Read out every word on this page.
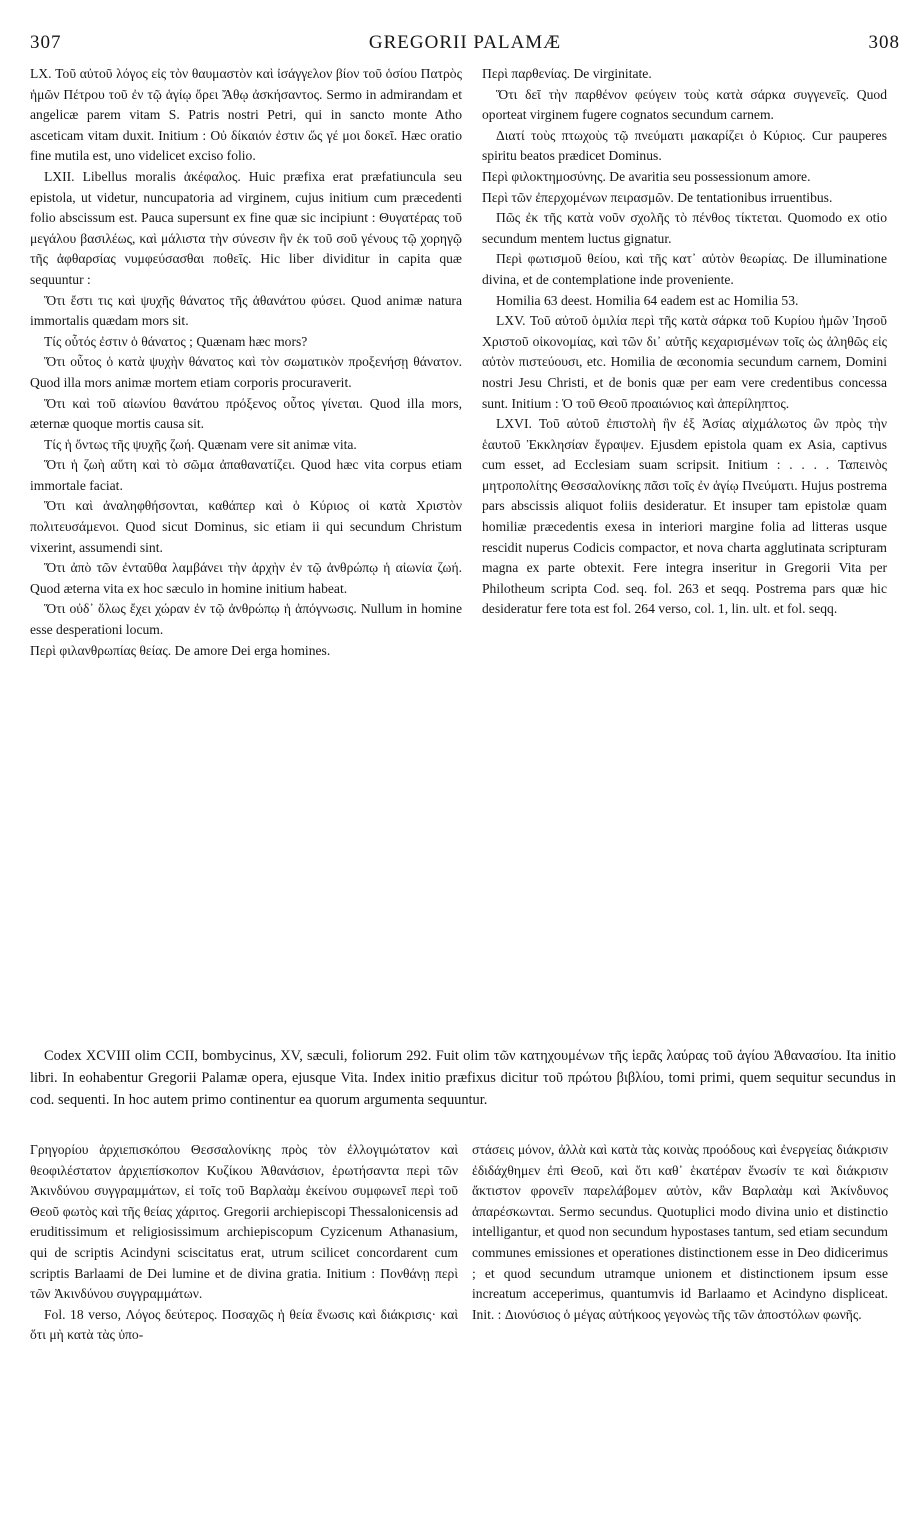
307	GREGORII PALAMÆ	308

LX. Τοῦ αὐτοῦ λόγος εἰς τὸν θαυμαστὸν καὶ ἰσάγγελον βίον τοῦ ὁσίου Πατρὸς ἡμῶν Πέτρου τοῦ ἐν τῷ ἁγίῳ ὄρει Ἄθῳ ἀσκήσαντος. Sermo in admirandam et angelicæ parem vitam S. Patris nostri Petri, qui in sancto monte Atho asceticam vitam duxit. Initium : Οὐ δίκαιόν ἐστιν ὥς γέ μοι δοκεῖ. Hæc oratio fine mutila est, uno videlicet exciso folio.

LXII. Libellus moralis ἀκέφαλος. Huic præfixa erat præfatiuncula seu epistola, ut videtur, nuncupatoria ad virginem, cujus initium cum præcedenti folio abscissum est. Pauca supersunt ex fine quæ sic incipiunt : Θυγατέρας τοῦ μεγάλου βασιλέως, καὶ μάλιστα τὴν σύνεσιν ἣν ἐκ τοῦ σοῦ γένους τῷ χορηγῷ τῆς ἀφθαρσίας νυμφεύσασθαι ποθεῖς. Hic liber dividitur in capita quæ sequuntur :

Ὅτι ἔστι τις καὶ ψυχῆς θάνατος τῆς ἀθανάτου φύσει. Quod animæ natura immortalis quædam mors sit.

Τίς οὗτός ἐστιν ὁ θάνατος ; Quænam hæc mors?

Ὅτι οὗτος ὁ κατὰ ψυχὴν θάνατος καὶ τὸν σωματικὸν προξενήσῃ θάνατον. Quod illa mors animæ mortem etiam corporis procuraverit.

Ὅτι καὶ τοῦ αἰωνίου θανάτου πρόξενος οὗτος γίνεται. Quod illa mors, æternæ quoque mortis causa sit.

Τίς ἡ ὄντως τῆς ψυχῆς ζωή. Quænam vere sit animæ vita.

Ὅτι ἡ ζωὴ αὕτη καὶ τὸ σῶμα ἀπαθανατίζει. Quod hæc vita corpus etiam immortale faciat.

Ὅτι καὶ ἀναληφθήσονται, καθάπερ καὶ ὁ Κύριος οἱ κατὰ Χριστὸν πολιτευσάμενοι. Quod sicut Dominus, sic etiam ii qui secundum Christum vixerint, assumendi sint.

Ὅτι ἀπὸ τῶν ἐνταῦθα λαμβάνει τὴν ἀρχὴν ἐν τῷ ἀνθρώπῳ ἡ αἰωνία ζωή. Quod æterna vita ex hoc sæculo in homine initium habeat.

Ὅτι οὐδ᾽ ὅλως ἔχει χώραν ἐν τῷ ἀνθρώπῳ ἡ ἀπόγνωσις. Nullum in homine esse desperationi locum.

Περὶ φιλανθρωπίας θείας. De amore Dei erga homines.

Περὶ παρθενίας. De virginitate.

Ὅτι δεῖ τὴν παρθένον φεύγειν τοὺς κατὰ σάρκα συγγενεῖς. Quod oporteat virginem fugere cognatos secundum carnem.

Διατί τοὺς πτωχοὺς τῷ πνεύματι μακαρίζει ὁ Κύριος. Cur pauperes spiritu beatos prædicet Dominus.

Περὶ φιλοκτημοσύνης. De avaritia seu possessionum amore.

Περὶ τῶν ἐπερχομένων πειρασμῶν. De tentationibus irruentibus.

Πῶς ἐκ τῆς κατὰ νοῦν σχολῆς τὸ πένθος τίκτεται. Quomodo ex otio secundum mentem luctus gignatur.

Περὶ φωτισμοῦ θείου, καὶ τῆς κατ᾽ αὐτὸν θεωρίας. De illuminatione divina, et de contemplatione inde proveniente.

Homilia 63 deest. Homilia 64 eadem est ac Homilia 53.

LXV. Τοῦ αὐτοῦ ὁμιλία περὶ τῆς κατὰ σάρκα τοῦ Κυρίου ἡμῶν Ἰησοῦ Χριστοῦ οἰκονομίας, καὶ τῶν δι᾽ αὐτῆς κεχαρισμένων τοῖς ὡς ἀληθῶς εἰς αὐτὸν πιστεύουσι, etc. Homilia de œconomia secundum carnem, Domini nostri Jesu Christi, et de bonis quæ per eam vere credentibus concessa sunt. Initium : Ὁ τοῦ Θεοῦ προαιώνιος καὶ ἀπερίληπτος.

LXVI. Τοῦ αὐτοῦ ἐπιστολὴ ἣν ἐξ Ἀσίας αἰχμάλωτος ὢν πρὸς τὴν ἑαυτοῦ Ἐκκλησίαν ἔγραψεν. Ejusdem epistola quam ex Asia, captivus cum esset, ad Ecclesiam suam scripsit. Initium : . . . . Ταπεινὸς μητροπολίτης Θεσσαλονίκης πᾶσι τοῖς ἐν ἁγίῳ Πνεύματι. Hujus postrema pars abscissis aliquot foliis desideratur. Et insuper tam epistolæ quam homiliæ præcedentis exesa in interiori margine folia ad litteras usque rescidit nuperus Codicis compactor, et nova charta agglutinata scripturam magna ex parte obtexit. Fere integra inseritur in Gregorii Vita per Philotheum scripta Cod. seq. fol. 263 et seqq. Postrema pars quæ hic desideratur fere tota est fol. 264 verso, col. 1, lin. ult. et fol. seqq.

Codex XCVIII olim CCII, bombycinus, XV, sæculi, foliorum 292. Fuit olim τῶν κατηχουμένων τῆς ἱερᾶς λαύρας τοῦ ἁγίου Ἀθανασίου. Ita initio libri. In eohabentur Gregorii Palamæ opera, ejusque Vita. Index initio præfixus dicitur τοῦ πρώτου βιβλίου, tomi primi, quem sequitur secundus in cod. sequenti. In hoc autem primo continentur ea quorum argumenta sequuntur.

Γρηγορίου ἀρχιεπισκόπου Θεσσαλονίκης πρὸς τὸν ἐλλογιμώτατον καὶ θεοφιλέστατον ἀρχιεπίσκοπον Κυζίκου Ἀθανάσιον, ἐρωτήσαντα περὶ τῶν Ἀκινδύνου συγγραμμάτων, εἰ τοῖς τοῦ Βαρλαὰμ ἐκείνου συμφωνεῖ περὶ τοῦ Θεοῦ φωτὸς καὶ τῆς θείας χάριτος. Gregorii archiepiscopi Thessalonicensis ad eruditissimum et religiosissimum archiepiscopum Cyzicenum Athanasium, qui de scriptis Acindyni sciscitatus erat, utrum scilicet concordarent cum scriptis Barlaami de Dei lumine et de divina gratia. Initium : Πονθάνῃ περὶ τῶν Ἀκινδύνου συγγραμμάτων.

Fol. 18 verso, Λόγος δεύτερος. Ποσαχῶς ἡ θεία ἕνωσις καὶ διάκρισις· καὶ ὅτι μὴ κατὰ τὰς ὑπο-

στάσεις μόνον, ἀλλὰ καὶ κατὰ τὰς κοινὰς προόδους καὶ ἐνεργείας διάκρισιν ἐδιδάχθημεν ἐπὶ Θεοῦ, καὶ ὅτι καθ᾽ ἑκατέραν ἕνωσίν τε καὶ διάκρισιν ἄκτιστον φρονεῖν παρελάβομεν αὐτὸν, κἂν Βαρλαὰμ καὶ Ἀκίνδυνος ἀπαρέσκωνται. Sermo secundus. Quotuplici modo divina unio et distinctio intelligantur, et quod non secundum hypostases tantum, sed etiam secundum communes emissiones et operationes distinctionem esse in Deo didicerimus ; et quod secundum utramque unionem et distinctionem ipsum esse increatum acceperimus, quantumvis id Barlaamo et Acindyno displiceat. Init. : Διονύσιος ὁ μέγας αὐτήκοος γεγονὼς τῆς τῶν ἀποστόλων φωνῆς.
